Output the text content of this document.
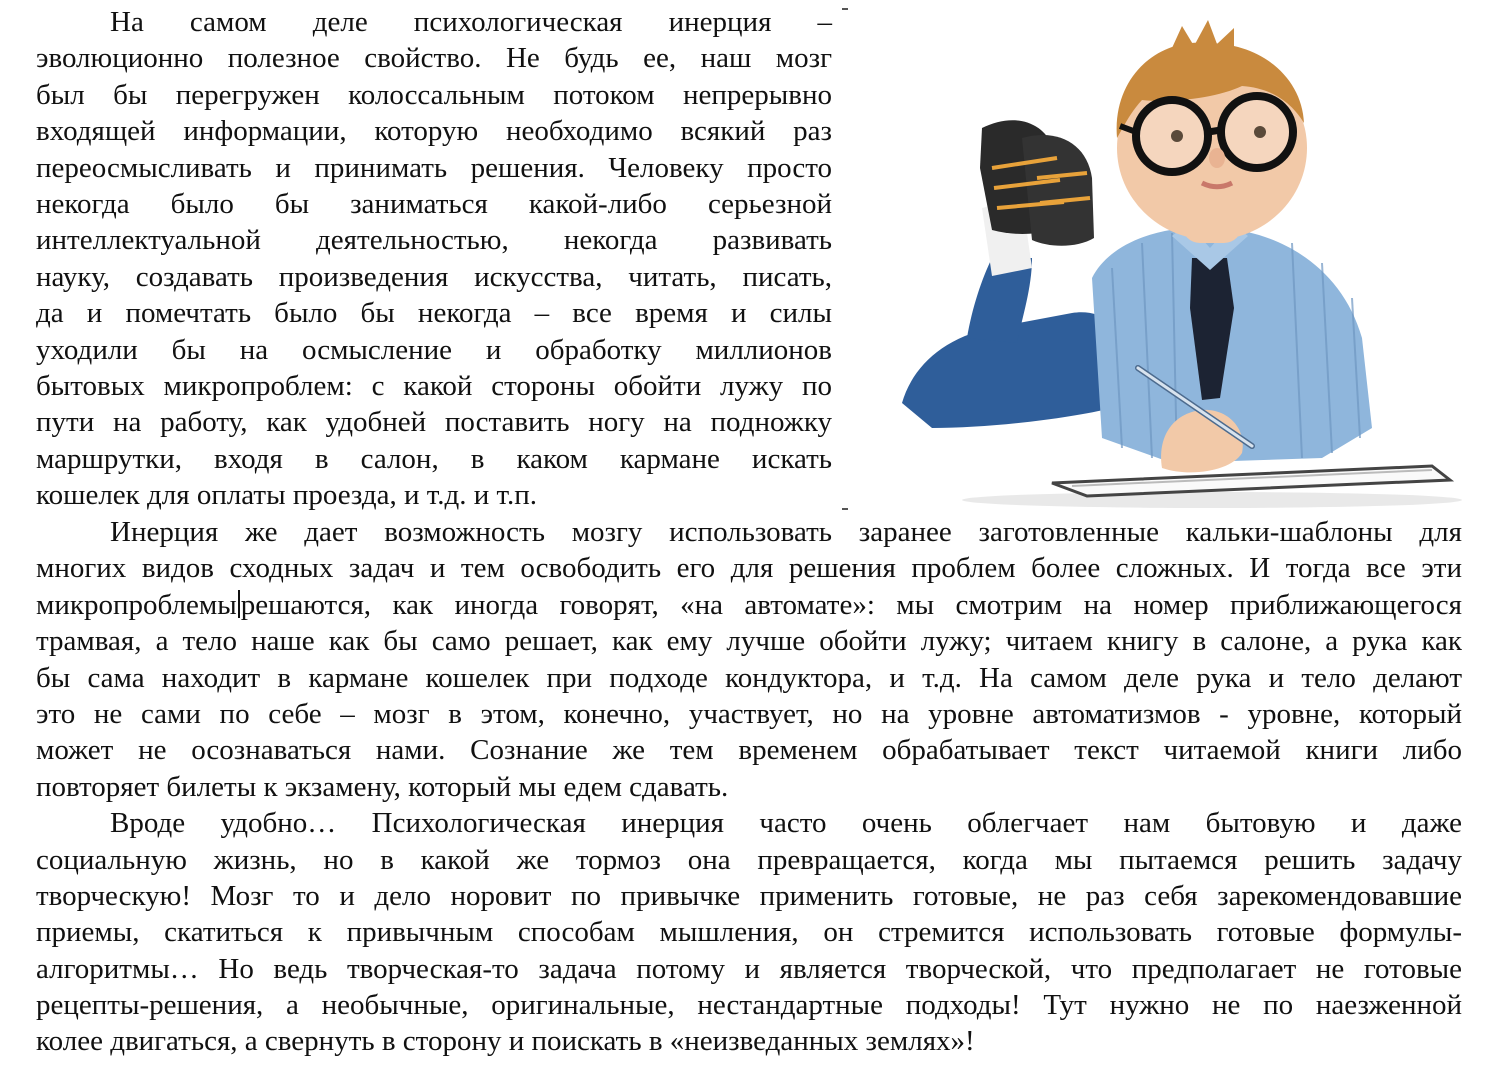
На самом деле психологическая инерция –
эволюционно полезное свойство. Не будь ее, наш мозг
был бы перегружен колоссальным потоком непрерывно
входящей информации, которую необходимо всякий раз
переосмысливать и принимать решения. Человеку просто
некогда было бы заниматься какой-либо серьезной
интеллектуальной деятельностью, некогда развивать
науку, создавать произведения искусства, читать, писать,
да и помечтать было бы некогда – все время и силы
уходили бы на осмысление и обработку миллионов
бытовых микропроблем: с какой стороны обойти лужу по
пути на работу, как удобней поставить ногу на подножку
маршрутки, входя в салон, в каком кармане искать
кошелек для оплаты проезда, и т.д. и т.п.
Инерция же дает возможность мозгу использовать заранее заготовленные кальки-шаблоны для
многих видов сходных задач и тем освободить его для решения проблем более сложных. И тогда все эти
микропроблемы решаются, как иногда говорят, «на автомате»: мы смотрим на номер приближающегося
трамвая, а тело наше как бы само решает, как ему лучше обойти лужу; читаем книгу в салоне, а рука как
бы сама находит в кармане кошелек при подходе кондуктора, и т.д. На самом деле рука и тело делают
это не сами по себе – мозг в этом, конечно, участвует, но на уровне автоматизмов - уровне, который
может не осознаваться нами. Сознание же тем временем обрабатывает текст читаемой книги либо
повторяет билеты к экзамену, который мы едем сдавать.
Вроде удобно… Психологическая инерция часто очень облегчает нам бытовую и даже
социальную жизнь, но в какой же тормоз она превращается, когда мы пытаемся решить задачу
творческую! Мозг то и дело норовит по привычке применить готовые, не раз себя зарекомендовавшие
приемы, скатиться к привычным способам мышления, он стремится использовать готовые формулы-
алгоритмы… Но ведь творческая-то задача потому и является творческой, что предполагает не готовые
рецепты-решения, а необычные, оригинальные, нестандартные подходы! Тут нужно не по наезженной
колее двигаться, а свернуть в сторону и поискать в «неизведанных землях»!
